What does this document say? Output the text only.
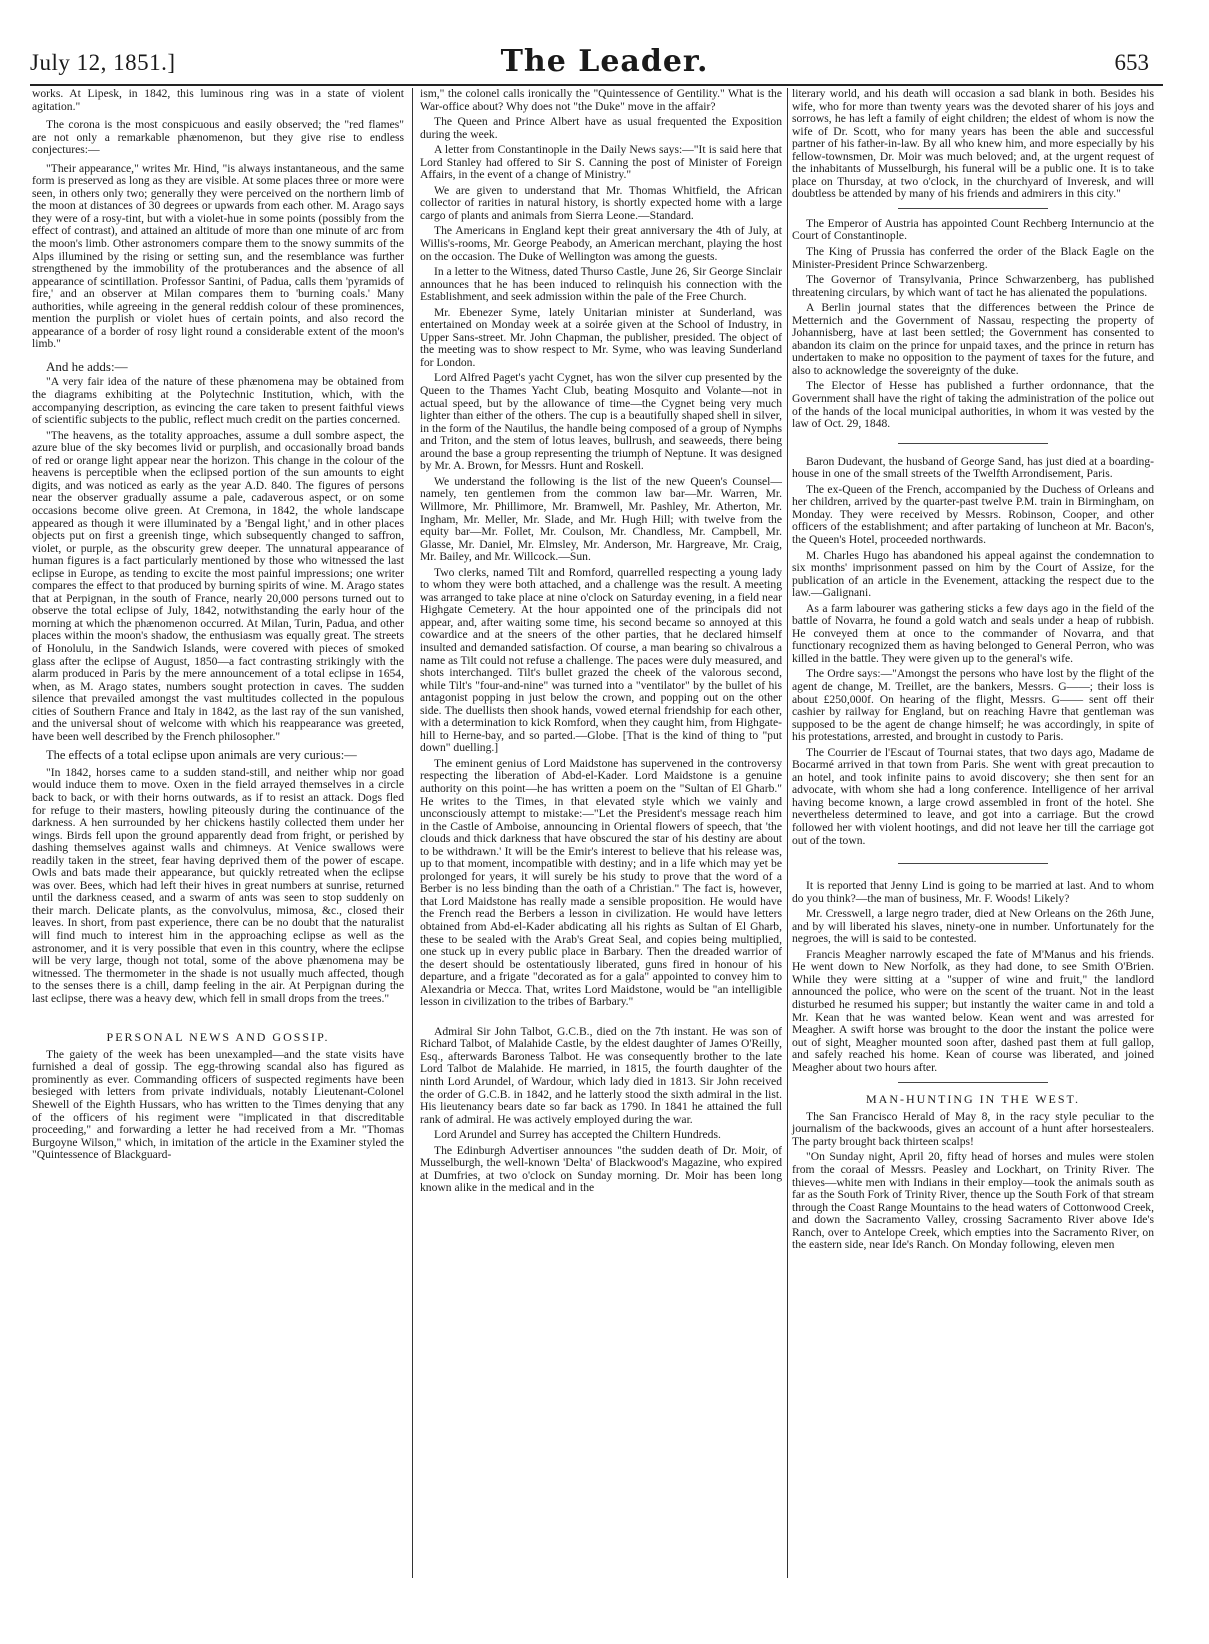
July 12, 1851.]	The Leader.	653

works. At Lipesk, in 1842, this luminous ring was in a state of violent agitation."

The corona is the most conspicuous and easily observed; the "red flames" are not only a remarkable phænomenon, but they give rise to endless conjectures:—

"Their appearance," writes Mr. Hind, "is always instantaneous, and the same form is preserved as long as they are visible. At some places three or more were seen, in others only two; generally they were perceived on the northern limb of the moon at distances of 30 degrees or upwards from each other. M. Arago says they were of a rosy-tint, but with a violet-hue in some points (possibly from the effect of contrast), and attained an altitude of more than one minute of arc from the moon's limb. Other astronomers compare them to the snowy summits of the Alps illumined by the rising or setting sun, and the resemblance was further strengthened by the immobility of the protuberances and the absence of all appearance of scintillation. Professor Santini, of Padua, calls them 'pyramids of fire,' and an observer at Milan compares them to 'burning coals.' Many authorities, while agreeing in the general reddish colour of these prominences, mention the purplish or violet hues of certain points, and also record the appearance of a border of rosy light round a considerable extent of the moon's limb."

And he adds:—

"A very fair idea of the nature of these phænomena may be obtained from the diagrams exhibiting at the Polytechnic Institution, which, with the accompanying description, as evincing the care taken to present faithful views of scientific subjects to the public, reflect much credit on the parties concerned.

"The heavens, as the totality approaches, assume a dull sombre aspect, the azure blue of the sky becomes livid or purplish, and occasionally broad bands of red or orange light appear near the horizon. This change in the colour of the heavens is perceptible when the eclipsed portion of the sun amounts to eight digits, and was noticed as early as the year A.D. 840. The figures of persons near the observer gradually assume a pale, cadaverous aspect, or on some occasions become olive green. At Cremona, in 1842, the whole landscape appeared as though it were illuminated by a 'Bengal light,' and in other places objects put on first a greenish tinge, which subsequently changed to saffron, violet, or purple, as the obscurity grew deeper. The unnatural appearance of human figures is a fact particularly mentioned by those who witnessed the last eclipse in Europe, as tending to excite the most painful impressions; one writer compares the effect to that produced by burning spirits of wine. M. Arago states that at Perpignan, in the south of France, nearly 20,000 persons turned out to observe the total eclipse of July, 1842, notwithstanding the early hour of the morning at which the phænomenon occurred. At Milan, Turin, Padua, and other places within the moon's shadow, the enthusiasm was equally great. The streets of Honolulu, in the Sandwich Islands, were covered with pieces of smoked glass after the eclipse of August, 1850—a fact contrasting strikingly with the alarm produced in Paris by the mere announcement of a total eclipse in 1654, when, as M. Arago states, numbers sought protection in caves. The sudden silence that prevailed amongst the vast multitudes collected in the populous cities of Southern France and Italy in 1842, as the last ray of the sun vanished, and the universal shout of welcome with which his reappearance was greeted, have been well described by the French philosopher."

The effects of a total eclipse upon animals are very curious:—

"In 1842, horses came to a sudden stand-still, and neither whip nor goad would induce them to move. Oxen in the field arrayed themselves in a circle back to back, or with their horns outwards, as if to resist an attack. Dogs fled for refuge to their masters, howling piteously during the continuance of the darkness. A hen surrounded by her chickens hastily collected them under her wings. Birds fell upon the ground apparently dead from fright, or perished by dashing themselves against walls and chimneys. At Venice swallows were readily taken in the street, fear having deprived them of the power of escape. Owls and bats made their appearance, but quickly retreated when the eclipse was over. Bees, which had left their hives in great numbers at sunrise, returned until the darkness ceased, and a swarm of ants was seen to stop suddenly on their march. Delicate plants, as the convolvulus, mimosa, &c., closed their leaves. In short, from past experience, there can be no doubt that the naturalist will find much to interest him in the approaching eclipse as well as the astronomer, and it is very possible that even in this country, where the eclipse will be very large, though not total, some of the above phænomena may be witnessed. The thermometer in the shade is not usually much affected, though to the senses there is a chill, damp feeling in the air. At Perpignan during the last eclipse, there was a heavy dew, which fell in small drops from the trees."

PERSONAL NEWS AND GOSSIP.

The gaiety of the week has been unexampled—and the state visits have furnished a deal of gossip. The egg-throwing scandal also has figured as prominently as ever. Commanding officers of suspected regiments have been besieged with letters from private individuals, notably Lieutenant-Colonel Shewell of the Eighth Hussars, who has written to the Times denying that any of the officers of his regiment were "implicated in that discreditable proceeding," and forwarding a letter he had received from a Mr. "Thomas Burgoyne Wilson," which, in imitation of the article in the Examiner styled the "Quintessence of Blackguard-

ism," the colonel calls ironically the "Quintessence of Gentility." What is the War-office about? Why does not "the Duke" move in the affair?

The Queen and Prince Albert have as usual frequented the Exposition during the week.

A letter from Constantinople in the Daily News says:—"It is said here that Lord Stanley had offered to Sir S. Canning the post of Minister of Foreign Affairs, in the event of a change of Ministry."

We are given to understand that Mr. Thomas Whitfield, the African collector of rarities in natural history, is shortly expected home with a large cargo of plants and animals from Sierra Leone.—Standard.

The Americans in England kept their great anniversary the 4th of July, at Willis's-rooms, Mr. George Peabody, an American merchant, playing the host on the occasion. The Duke of Wellington was among the guests.

In a letter to the Witness, dated Thurso Castle, June 26, Sir George Sinclair announces that he has been induced to relinquish his connection with the Establishment, and seek admission within the pale of the Free Church.

Mr. Ebenezer Syme, lately Unitarian minister at Sunderland, was entertained on Monday week at a soirée given at the School of Industry, in Upper Sans-street. Mr. John Chapman, the publisher, presided. The object of the meeting was to show respect to Mr. Syme, who was leaving Sunderland for London.

Lord Alfred Paget's yacht Cygnet, has won the silver cup presented by the Queen to the Thames Yacht Club, beating Mosquito and Volante—not in actual speed, but by the allowance of time—the Cygnet being very much lighter than either of the others. The cup is a beautifully shaped shell in silver, in the form of the Nautilus, the handle being composed of a group of Nymphs and Triton, and the stem of lotus leaves, bullrush, and seaweeds, there being around the base a group representing the triumph of Neptune. It was designed by Mr. A. Brown, for Messrs. Hunt and Roskell.

We understand the following is the list of the new Queen's Counsel—namely, ten gentlemen from the common law bar—Mr. Warren, Mr. Willmore, Mr. Phillimore, Mr. Bramwell, Mr. Pashley, Mr. Atherton, Mr. Ingham, Mr. Meller, Mr. Slade, and Mr. Hugh Hill; with twelve from the equity bar—Mr. Follet, Mr. Coulson, Mr. Chandless, Mr. Campbell, Mr. Glasse, Mr. Daniel, Mr. Elmsley, Mr. Anderson, Mr. Hargreave, Mr. Craig, Mr. Bailey, and Mr. Willcock.—Sun.

Two clerks, named Tilt and Romford, quarrelled respecting a young lady to whom they were both attached, and a challenge was the result. A meeting was arranged to take place at nine o'clock on Saturday evening, in a field near Highgate Cemetery. At the hour appointed one of the principals did not appear, and, after waiting some time, his second became so annoyed at this cowardice and at the sneers of the other parties, that he declared himself insulted and demanded satisfaction. Of course, a man bearing so chivalrous a name as Tilt could not refuse a challenge. The paces were duly measured, and shots interchanged. Tilt's bullet grazed the cheek of the valorous second, while Tilt's "four-and-nine" was turned into a "ventilator" by the bullet of his antagonist popping in just below the crown, and popping out on the other side. The duellists then shook hands, vowed eternal friendship for each other, with a determination to kick Romford, when they caught him, from Highgate-hill to Herne-bay, and so parted.—Globe. [That is the kind of thing to "put down" duelling.]

The eminent genius of Lord Maidstone has supervened in the controversy respecting the liberation of Abd-el-Kader. Lord Maidstone is a genuine authority on this point—he has written a poem on the "Sultan of El Gharb." He writes to the Times, in that elevated style which we vainly and unconsciously attempt to mistake:—"Let the President's message reach him in the Castle of Amboise, announcing in Oriental flowers of speech, that 'the clouds and thick darkness that have obscured the star of his destiny are about to be withdrawn.' It will be the Emir's interest to believe that his release was, up to that moment, incompatible with destiny; and in a life which may yet be prolonged for years, it will surely be his study to prove that the word of a Berber is no less binding than the oath of a Christian." The fact is, however, that Lord Maidstone has really made a sensible proposition. He would have the French read the Berbers a lesson in civilization. He would have letters obtained from Abd-el-Kader abdicating all his rights as Sultan of El Gharb, these to be sealed with the Arab's Great Seal, and copies being multiplied, one stuck up in every public place in Barbary. Then the dreaded warrior of the desert should be ostentatiously liberated, guns fired in honour of his departure, and a frigate "decorated as for a gala" appointed to convey him to Alexandria or Mecca. That, writes Lord Maidstone, would be "an intelligible lesson in civilization to the tribes of Barbary."

Admiral Sir John Talbot, G.C.B., died on the 7th instant. He was son of Richard Talbot, of Malahide Castle, by the eldest daughter of James O'Reilly, Esq., afterwards Baroness Talbot. He was consequently brother to the late Lord Talbot de Malahide. He married, in 1815, the fourth daughter of the ninth Lord Arundel, of Wardour, which lady died in 1813. Sir John received the order of G.C.B. in 1842, and he latterly stood the sixth admiral in the list. His lieutenancy bears date so far back as 1790. In 1841 he attained the full rank of admiral. He was actively employed during the war.

Lord Arundel and Surrey has accepted the Chiltern Hundreds.

The Edinburgh Advertiser announces "the sudden death of Dr. Moir, of Musselburgh, the well-known 'Delta' of Blackwood's Magazine, who expired at Dumfries, at two o'clock on Sunday morning. Dr. Moir has been long known alike in the medical and in the

literary world, and his death will occasion a sad blank in both. Besides his wife, who for more than twenty years was the devoted sharer of his joys and sorrows, he has left a family of eight children; the eldest of whom is now the wife of Dr. Scott, who for many years has been the able and successful partner of his father-in-law. By all who knew him, and more especially by his fellow-townsmen, Dr. Moir was much beloved; and, at the urgent request of the inhabitants of Musselburgh, his funeral will be a public one. It is to take place on Thursday, at two o'clock, in the churchyard of Inveresk, and will doubtless be attended by many of his friends and admirers in this city."

The Emperor of Austria has appointed Count Rechberg Internuncio at the Court of Constantinople.

The King of Prussia has conferred the order of the Black Eagle on the Minister-President Prince Schwarzenberg.

The Governor of Transylvania, Prince Schwarzenberg, has published threatening circulars, by which want of tact he has alienated the populations.

A Berlin journal states that the differences between the Prince de Metternich and the Government of Nassau, respecting the property of Johannisberg, have at last been settled; the Government has consented to abandon its claim on the prince for unpaid taxes, and the prince in return has undertaken to make no opposition to the payment of taxes for the future, and also to acknowledge the sovereignty of the duke.

The Elector of Hesse has published a further ordonnance, that the Government shall have the right of taking the administration of the police out of the hands of the local municipal authorities, in whom it was vested by the law of Oct. 29, 1848.

Baron Dudevant, the husband of George Sand, has just died at a boarding-house in one of the small streets of the Twelfth Arrondisement, Paris.

The ex-Queen of the French, accompanied by the Duchess of Orleans and her children, arrived by the quarter-past twelve P.M. train in Birmingham, on Monday. They were received by Messrs. Robinson, Cooper, and other officers of the establishment; and after partaking of luncheon at Mr. Bacon's, the Queen's Hotel, proceeded northwards.

M. Charles Hugo has abandoned his appeal against the condemnation to six months' imprisonment passed on him by the Court of Assize, for the publication of an article in the Evenement, attacking the respect due to the law.—Galignani.

As a farm labourer was gathering sticks a few days ago in the field of the battle of Novarra, he found a gold watch and seals under a heap of rubbish. He conveyed them at once to the commander of Novarra, and that functionary recognized them as having belonged to General Perron, who was killed in the battle. They were given up to the general's wife.

The Ordre says:—"Amongst the persons who have lost by the flight of the agent de change, M. Treillet, are the bankers, Messrs. G——; their loss is about £250,000f. On hearing of the flight, Messrs. G—— sent off their cashier by railway for England, but on reaching Havre that gentleman was supposed to be the agent de change himself; he was accordingly, in spite of his protestations, arrested, and brought in custody to Paris.

The Courrier de l'Escaut of Tournai states, that two days ago, Madame de Bocarmé arrived in that town from Paris. She went with great precaution to an hotel, and took infinite pains to avoid discovery; she then sent for an advocate, with whom she had a long conference. Intelligence of her arrival having become known, a large crowd assembled in front of the hotel. She nevertheless determined to leave, and got into a carriage. But the crowd followed her with violent hootings, and did not leave her till the carriage got out of the town.

It is reported that Jenny Lind is going to be married at last. And to whom do you think?—the man of business, Mr. F. Woods! Likely?

Mr. Cresswell, a large negro trader, died at New Orleans on the 26th June, and by will liberated his slaves, ninety-one in number. Unfortunately for the negroes, the will is said to be contested.

Francis Meagher narrowly escaped the fate of M'Manus and his friends. He went down to New Norfolk, as they had done, to see Smith O'Brien. While they were sitting at a "supper of wine and fruit," the landlord announced the police, who were on the scent of the truant. Not in the least disturbed he resumed his supper; but instantly the waiter came in and told a Mr. Kean that he was wanted below. Kean went and was arrested for Meagher. A swift horse was brought to the door the instant the police were out of sight, Meagher mounted soon after, dashed past them at full gallop, and safely reached his home. Kean of course was liberated, and joined Meagher about two hours after.

MAN-HUNTING IN THE WEST.

The San Francisco Herald of May 8, in the racy style peculiar to the journalism of the backwoods, gives an account of a hunt after horsestealers. The party brought back thirteen scalps!

"On Sunday night, April 20, fifty head of horses and mules were stolen from the coraal of Messrs. Peasley and Lockhart, on Trinity River. The thieves—white men with Indians in their employ—took the animals south as far as the South Fork of Trinity River, thence up the South Fork of that stream through the Coast Range Mountains to the head waters of Cottonwood Creek, and down the Sacramento Valley, crossing Sacramento River above Ide's Ranch, over to Antelope Creek, which empties into the Sacramento River, on the eastern side, near Ide's Ranch. On Monday following, eleven men
